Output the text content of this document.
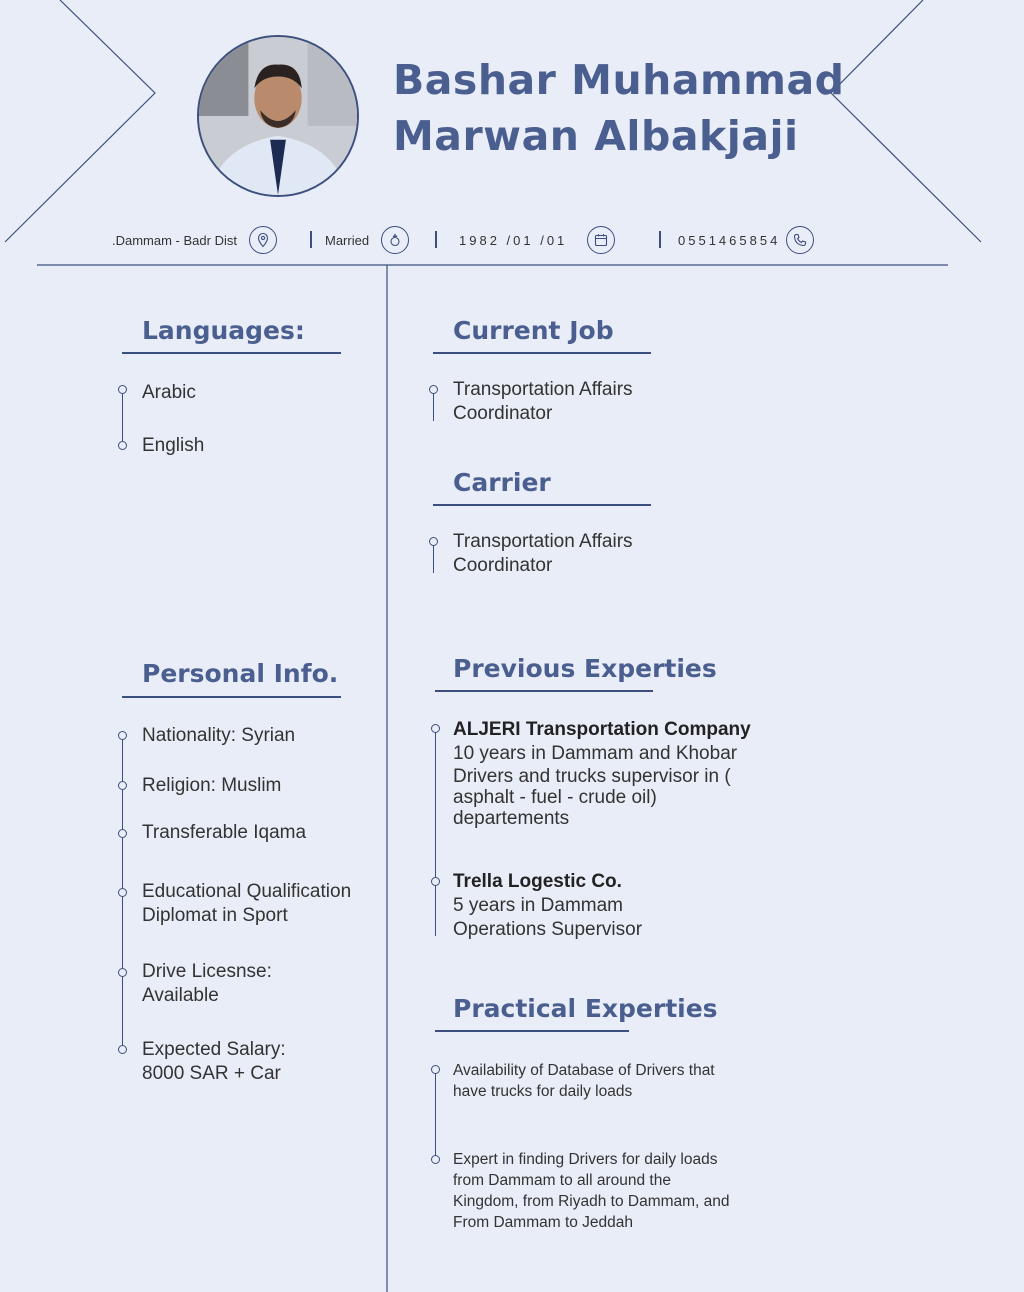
Bashar Muhammad
Marwan Albakjaji
.Dammam - Badr Dist	Married	1982 /01 /01	0551465854
Languages:
Arabic
English
Personal Info.
Nationality: Syrian
Religion: Muslim
Transferable Iqama
Educational Qualification
Diplomat in Sport
Drive Licesnse:
Available
Expected Salary:
8000 SAR + Car
Current Job
Transportation Affairs
Coordinator
Carrier
Transportation Affairs
Coordinator
Previous Experties
ALJERI Transportation Company
10 years in Dammam and Khobar
Drivers and trucks supervisor in (
asphalt - fuel - crude oil)
departements
Trella Logestic Co.
5 years in Dammam
Operations Supervisor
Practical Experties
Availability of Database of Drivers that
have trucks for daily loads
Expert in finding Drivers for daily loads
from Dammam to all around the
Kingdom, from Riyadh to Dammam, and
From Dammam to Jeddah
